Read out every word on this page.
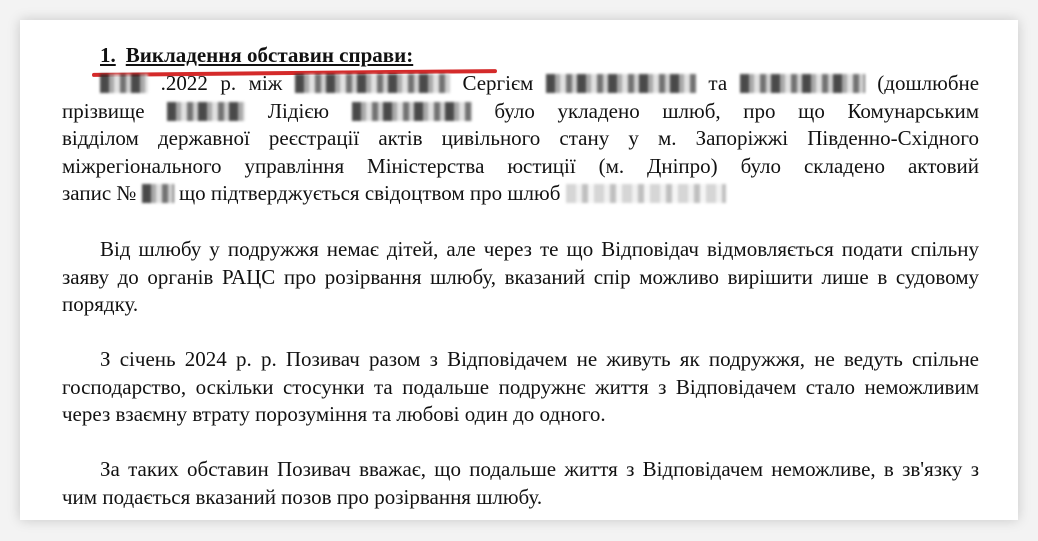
1. Викладення обставин справи:
.2022 р. між	Сергієм	та	(дошлюбне
прізвище	Лідією	було укладено шлюб, про що Комунарським
відділом державної реєстрації актів цивільного стану у м. Запоріжжі Південно-Східного
міжрегіонального управління Міністерства юстиції (м. Дніпро) було складено актовий
запис № що підтверджується свідоцтвом про шлюб
Від шлюбу у подружжя немає дітей, але через те що Відповідач відмовляється подати спільну заяву до органів РАЦС про розірвання шлюбу, вказаний спір можливо вирішити лише в судовому порядку.
З січень 2024 р. р. Позивач разом з Відповідачем не живуть як подружжя, не ведуть спільне господарство, оскільки стосунки та подальше подружнє життя з Відповідачем стало неможливим через взаємну втрату порозуміння та любові один до одного.
За таких обставин Позивач вважає, що подальше життя з Відповідачем неможливе, в зв'язку з чим подається вказаний позов про розірвання шлюбу.
